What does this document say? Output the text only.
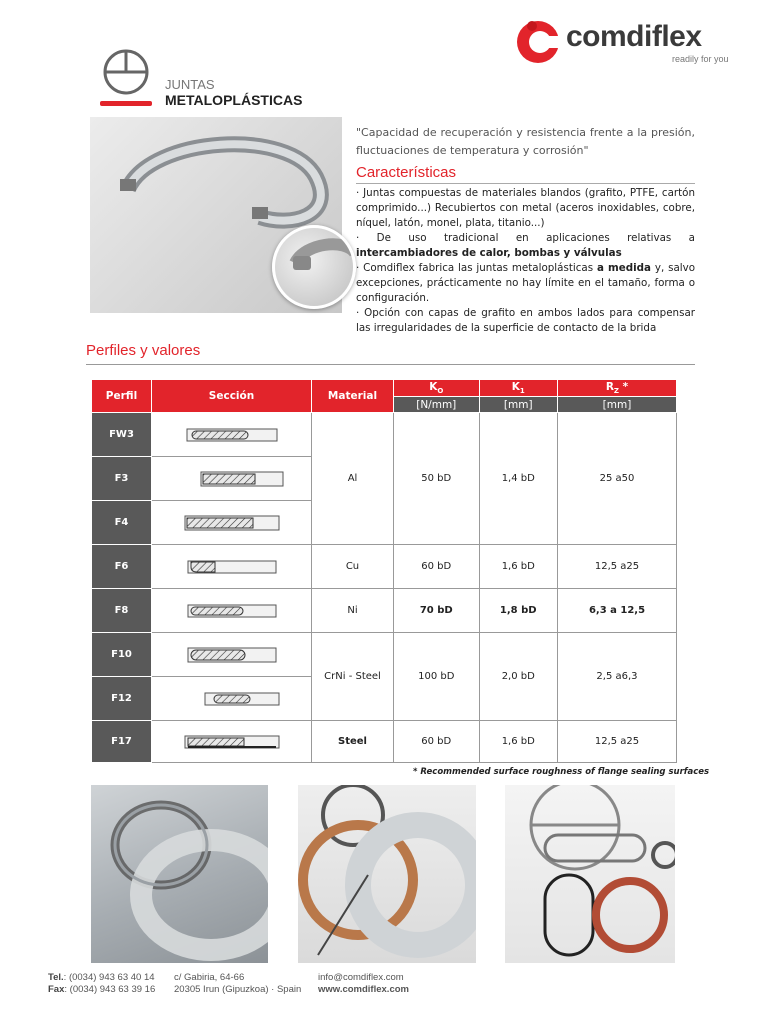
comdiflex
readily for you
JUNTAS
METALOPLÁSTICAS

"Capacidad de recuperación y resistencia frente a la presión, fluctuaciones de temperatura y corrosión"

Características

· Juntas compuestas de materiales blandos (grafito, PTFE, cartón comprimido...) Recubiertos con metal (aceros inoxidables, cobre, níquel, latón, monel, plata, titanio...)

· De uso tradicional en aplicaciones relativas a intercambiadores de calor, bombas y válvulas

· Comdiflex fabrica las juntas metaloplásticas a medida y, salvo excepciones, prácticamente no hay límite en el tamaño, forma o configuración.

· Opción con capas de grafito en ambos lados para compensar las irregularidades de la superficie de contacto de la brida

Perfiles y valores
Perfil	Sección	Material	$K_O$	$K_1$	$R_Z$ *
			[N/mm]	[mm]	[mm]
FW3		Al	50 bD	1,4 bD	25 a50
F3	
F4	
F6		Cu	60 bD	1,6 bD	12,5 a25
F8		Ni	70 bD	1,8 bD	6,3 a 12,5
F10		CrNi - Steel	100 bD	2,0 bD	2,5 a6,3
F12	
F17		Steel	60 bD	1,6 bD	12,5 a25
* Recommended surface roughness of flange sealing surfaces
Tel.: (0034) 943 63 40 14
Fax: (0034) 943 63 39 16
c/ Gabiria, 64-66
20305 Irun (Gipuzkoa) · Spain
info@comdiflex.com
www.comdiflex.com
